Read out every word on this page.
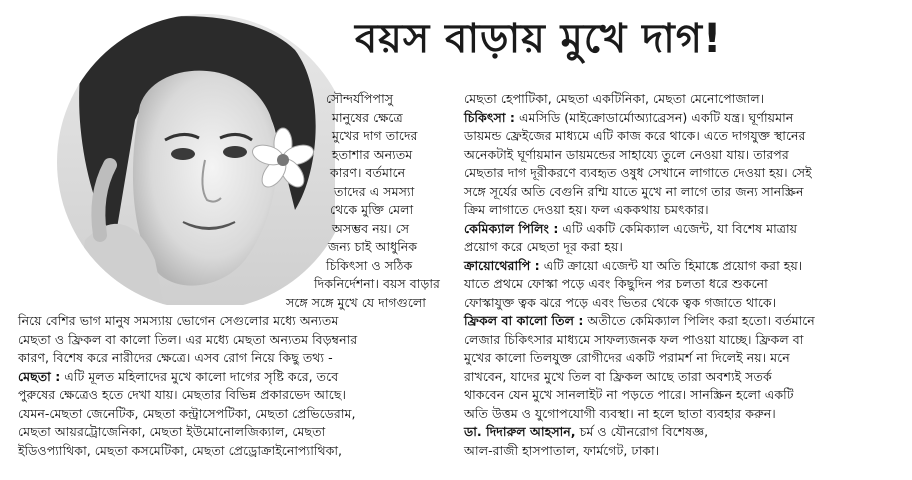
বয়স বাড়ায় মুখে দাগ!
সৌন্দর্যপিপাসু
মানুষের ক্ষেত্রে
মুখের দাগ তাদের
হতাশার অন্যতম
কারণ। বর্তমানে
তাদের এ সমস্যা
থেকে মুক্তি মেলা
অসম্ভব নয়। সে
জন্য চাই আধুনিক
চিকিৎসা ও সঠিক
দিকনির্দেশনা। বয়স বাড়ার
সঙ্গে সঙ্গে মুখে যে দাগগুলো
নিয়ে বেশির ভাগ মানুষ সমস্যায় ভোগেন সেগুলোর মধ্যে অন্যতম
মেছতা ও ফ্রিকল বা কালো তিল। এর মধ্যে মেছতা অন্যতম বিড়ম্বনার
কারণ, বিশেষ করে নারীদের ক্ষেত্রে। এসব রোগ নিয়ে কিছু তথ্য -
মেছতা : এটি মূলত মহিলাদের মুখে কালো দাগের সৃষ্টি করে, তবে
পুরুষের ক্ষেত্রেও হতে দেখা যায়। মেছতার বিভিন্ন প্রকারভেদ আছে।
যেমন-মেছতা জেনেটিক, মেছতা কন্ট্রাসেপটিকা, মেছতা প্রেভিডেরাম,
মেছতা আয়রট্রোজেনিকা, মেছতা ইউমোনোলজিক্যাল, মেছতা
ইডিওপ্যাথিকা, মেছতা কসমেটিকা, মেছতা প্রেড্রোক্রাইনোপ্যাথিকা,
মেছতা হেপাটিকা, মেছতা একটিনিকা, মেছতা মেনোপোজাল।
চিকিৎসা : এমসিডি (মাইক্রোডার্মোঅ্যাব্রেসন) একটি যন্ত্র। ঘূর্ণায়মান
ডায়মন্ড ফ্রেইজের মাধ্যমে এটি কাজ করে থাকে। এতে দাগযুক্ত স্থানের
অনেকটাই ঘূর্ণায়মান ডায়মন্ডের সাহায্যে তুলে নেওয়া যায়। তারপর
মেছতার দাগ দূরীকরণে ব্যবহৃত ওষুধ সেখানে লাগাতে দেওয়া হয়। সেই
সঙ্গে সূর্যের অতি বেগুনি রশ্মি যাতে মুখে না লাগে তার জন্য সানস্ক্রিন
ক্রিম লাগাতে দেওয়া হয়। ফল এককথায় চমৎকার।
কেমিক্যাল পিলিং : এটি একটি কেমিক্যাল এজেন্ট, যা বিশেষ মাত্রায়
প্রয়োগ করে মেছতা দূর করা হয়।
ক্রায়োথেরাপি : এটি ক্রায়ো এজেন্ট যা অতি হিমাঙ্কে প্রয়োগ করা হয়।
যাতে প্রথমে ফোস্কা পড়ে এবং কিছুদিন পর চলতা ধরে শুকনো
ফোস্কাযুক্ত ত্বক ঝরে পড়ে এবং ভিতর থেকে ত্বক গজাতে থাকে।
ফ্রিকল বা কালো তিল : অতীতে কেমিক্যাল পিলিং করা হতো। বর্তমানে
লেজার চিকিৎসার মাধ্যমে সাফল্যজনক ফল পাওয়া যাচ্ছে। ফ্রিকল বা
মুখের কালো তিলযুক্ত রোগীদের একটি পরামর্শ না দিলেই নয়। মনে
রাখবেন, যাদের মুখে তিল বা ফ্রিকল আছে তারা অবশ্যই সতর্ক
থাকবেন যেন মুখে সানলাইট না পড়তে পারে। সানস্ক্রিন হলো একটি
অতি উত্তম ও যুগোপযোগী ব্যবস্থা। না হলে ছাতা ব্যবহার করুন।
ডা. দিদারুল আহসান, চর্ম ও যৌনরোগ বিশেষজ্ঞ,
আল-রাজী হাসপাতাল, ফার্মগেট, ঢাকা।
